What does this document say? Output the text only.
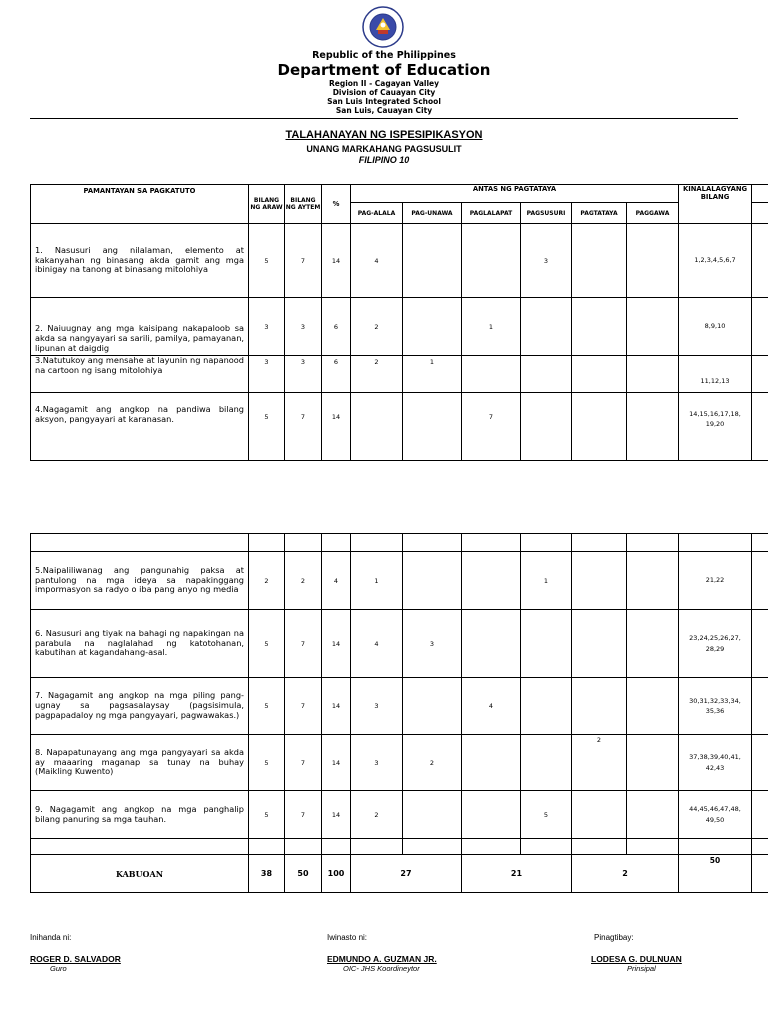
Republic of the Philippines
Department of Education
Region II - Cagayan Valley
Division of Cauayan City
San Luis Integrated School
San Luis, Cauayan City
TALAHANAYAN NG ISPESIPIKASYON
UNANG MARKAHANG PAGSUSULIT
FILIPINO 10
PAMANTAYAN SA PAGKATUTO	BILANG NG ARAW	BILANG NG AYTEM	%	ANTAS NG PAGTATAYA						KINALALAGYANG BILANG	
				PAG-ALALA	PAG-UNAWA	PAGLALAPAT	PAGSUSURI	PAGTATAYA	PAGGAWA		
1. Nasusuri ang nilalaman, elemento at kakanyahan ng binasang akda gamit ang mga ibinigay na tanong at binasang mitolohiya	5	7	14	4			3			1,2,3,4,5,6,7	
2. Naiuugnay ang mga kaisipang nakapaloob sa akda sa nangyayari sa sarili, pamilya, pamayanan, lipunan at daigdig	3	3	6	2		1				8,9,10	
3.Natutukoy ang mensahe at layunin ng napanood na cartoon ng isang mitolohiya	3	3	6	2	1					11,12,13	
4.Nagagamit ang angkop na pandiwa bilang aksyon, pangyayari at karanasan.	5	7	14			7				14,15,16,17,18, 19,20	

5.Naipaliliwanag ang pangunahig paksa at pantulong na mga ideya sa napakinggang impormasyon sa radyo o iba pang anyo ng media	2	2	4	1			1			21,22	
6. Nasusuri ang tiyak na bahagi ng napakingan na parabula na naglalahad ng katotohanan, kabutihan at kagandahang-asal.	5	7	14	4	3					23,24,25,26,27, 28,29	
7. Nagagamit ang angkop na mga piling pang-ugnay sa pagsasalaysay (pagsisimula, pagpapadaloy ng mga pangyayari, pagwawakas.)	5	7	14	3		4				30,31,32,33,34, 35,36	
8. Napapatunayang ang mga pangyayari sa akda ay maaaring maganap sa tunay na buhay (Maikling Kuwento)	5	7	14	3	2			2		37,38,39,40,41, 42,43	
9. Nagagamit ang angkop na mga panghalip bilang panuring sa mga tauhan.	5	7	14	2			5			44,45,46,47,48, 49,50	

KABUOAN	38	50	100	27		21		2		50	
Inihanda ni:
ROGER D. SALVADOR
Guro
Iwinasto ni:
EDMUNDO A. GUZMAN JR.
OIC- JHS Koordineytor
Pinagtibay:
LODESA G. DULNUAN
Prinsipal
